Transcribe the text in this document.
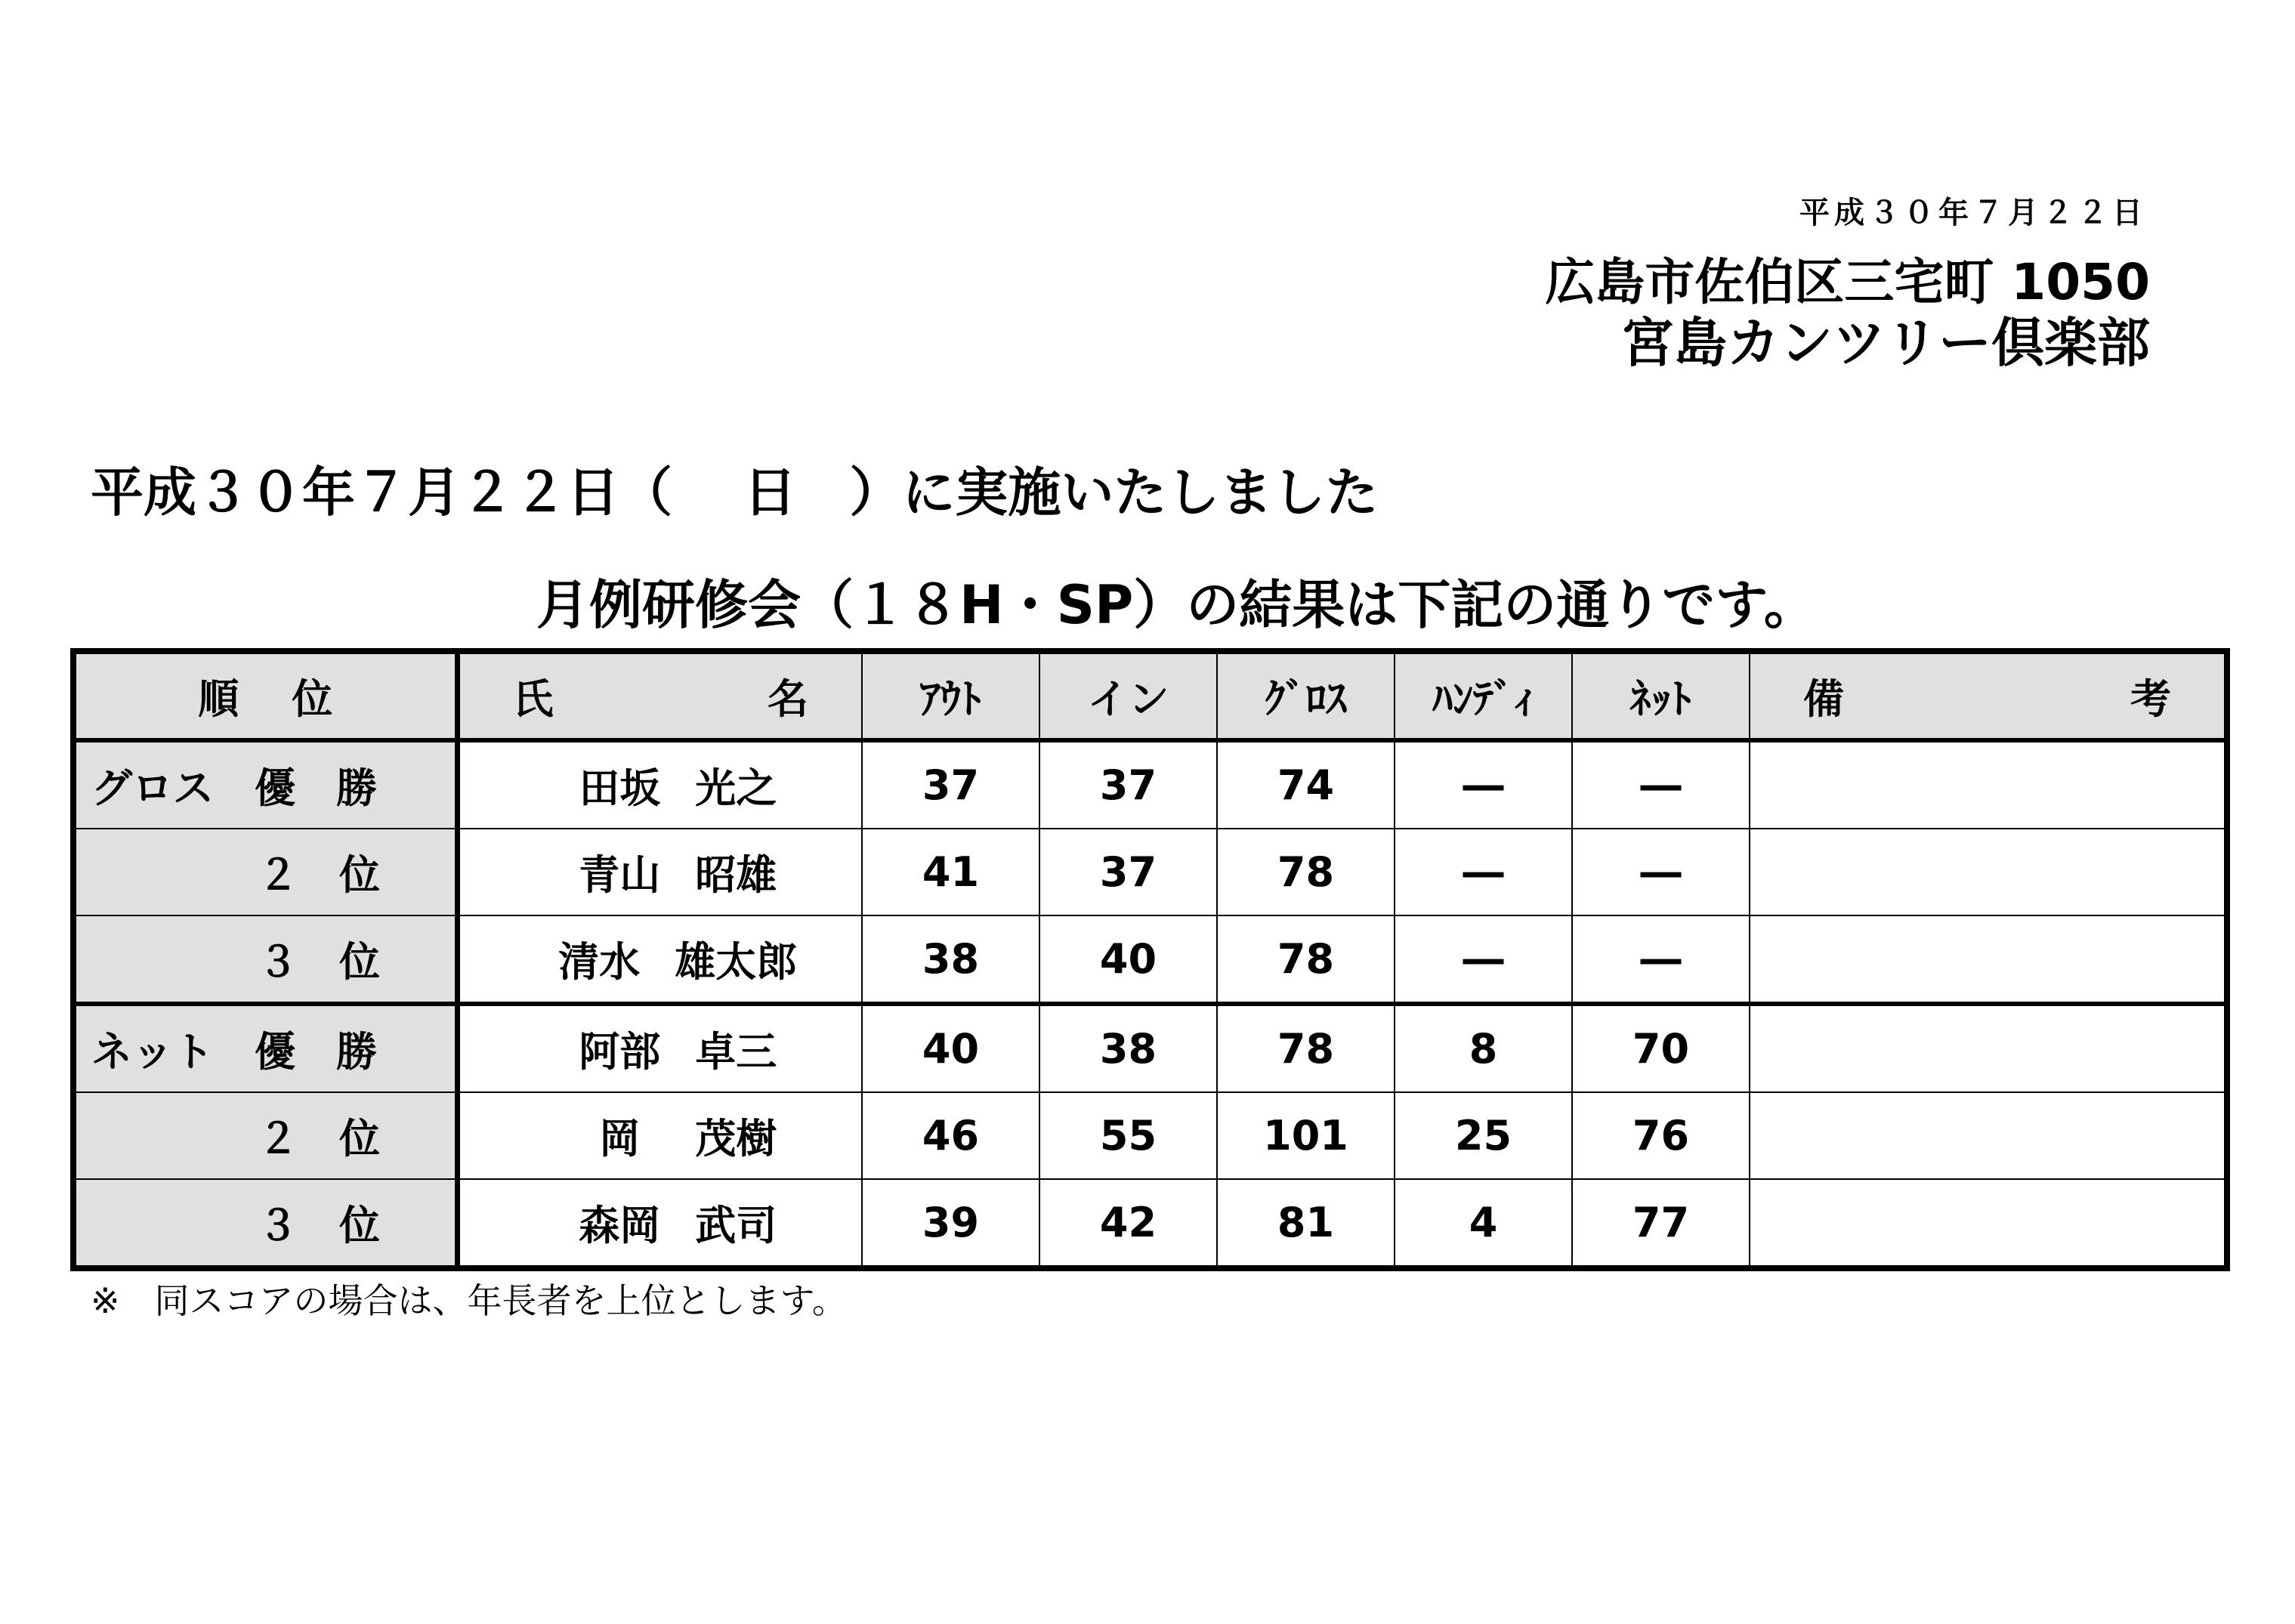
平成３０年７月２２日
広島市佐伯区三宅町 1050
宮島カンツリー倶楽部
平成３０年７月２２日（　 日　）に実施いたしました
月例研修会（１８H・SP）の結果は下記の通りです。
順 位	氏 名	ｱｳﾄ	イン	ｸﾞﾛｽ	ﾊﾝﾃﾞｨ	ﾈｯﾄ	備 考

グロス　優　勝	田坂 光之	37	37	74	―	―	
２　位	青山 昭雄	41	37	78	―	―	
３　位	清水 雄太郎	38	40	78	―	―	
ネット　優　勝	阿部 卓三	40	38	78	8	70	
２　位	岡 茂樹	46	55	101	25	76	
３　位	森岡 武司	39	42	81	4	77	
※　同スコアの場合は、年長者を上位とします。
